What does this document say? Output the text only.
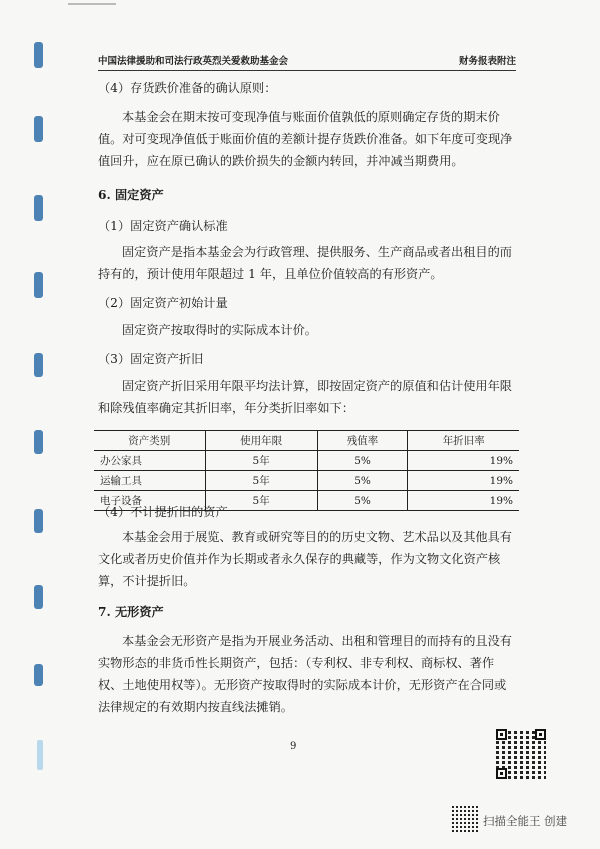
中国法律援助和司法行政英烈关爱救助基金会	财务报表附注
（4）存货跌价准备的确认原则：
本基金会在期末按可变现净值与账面价值孰低的原则确定存货的期末价值。对可变现净值低于账面价值的差额计提存货跌价准备。如下年度可变现净值回升，应在原已确认的跌价损失的金额内转回，并冲减当期费用。
6. 固定资产
（1）固定资产确认标准
固定资产是指本基金会为行政管理、提供服务、生产商品或者出租目的而持有的，预计使用年限超过 1 年，且单位价值较高的有形资产。
（2）固定资产初始计量
固定资产按取得时的实际成本计价。
（3）固定资产折旧
固定资产折旧采用年限平均法计算，即按固定资产的原值和估计使用年限和除残值率确定其折旧率，年分类折旧率如下：
资产类别	使用年限	残值率	年折旧率
办公家具	5年	5%	19%
运输工具	5年	5%	19%
电子设备	5年	5%	19%
（4）不计提折旧的资产
本基金会用于展览、教育或研究等目的的历史文物、艺术品以及其他具有文化或者历史价值并作为长期或者永久保存的典藏等，作为文物文化资产核算，不计提折旧。
7. 无形资产
本基金会无形资产是指为开展业务活动、出租和管理目的而持有的且没有实物形态的非货币性长期资产，包括：（专利权、非专利权、商标权、著作权、土地使用权等）。无形资产按取得时的实际成本计价，无形资产在合同或法律规定的有效期内按直线法摊销。
9
扫描全能王 创建
